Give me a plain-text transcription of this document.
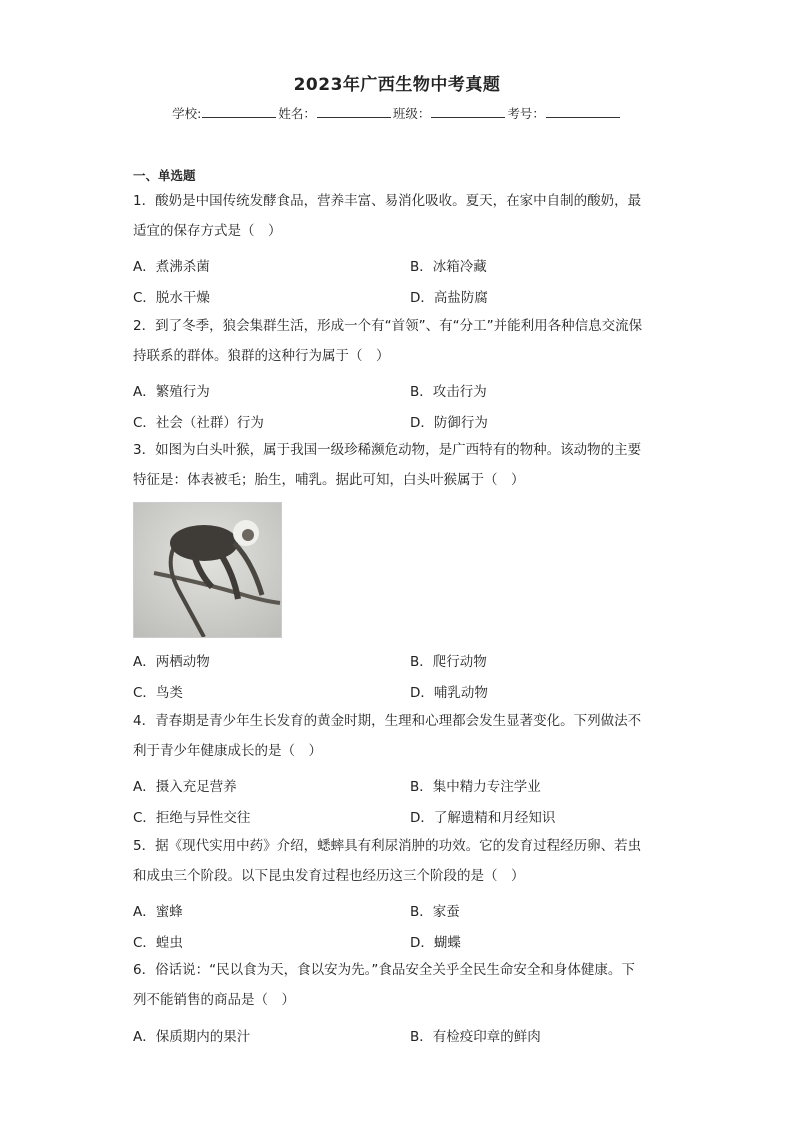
2023年广西生物中考真题
学校:	姓名：	班级：	考号：
一、单选题
1．酸奶是中国传统发酵食品，营养丰富、易消化吸收。夏天，在家中自制的酸奶，最
适宜的保存方式是（　）
A．煮沸杀菌	B．冰箱冷藏
C．脱水干燥	D．高盐防腐
2．到了冬季，狼会集群生活，形成一个有“首领”、有“分工”并能利用各种信息交流保
持联系的群体。狼群的这种行为属于（　）
A．繁殖行为	B．攻击行为
C．社会（社群）行为	D．防御行为
3．如图为白头叶猴，属于我国一级珍稀濒危动物，是广西特有的物种。该动物的主要
特征是：体表被毛；胎生，哺乳。据此可知，白头叶猴属于（　）
A．两栖动物	B．爬行动物
C．鸟类	D．哺乳动物
4．青春期是青少年生长发育的黄金时期，生理和心理都会发生显著变化。下列做法不
利于青少年健康成长的是（　）
A．摄入充足营养	B．集中精力专注学业
C．拒绝与异性交往	D．了解遗精和月经知识
5．据《现代实用中药》介绍，蟋蟀具有利尿消肿的功效。它的发育过程经历卵、若虫
和成虫三个阶段。以下昆虫发育过程也经历这三个阶段的是（　）
A．蜜蜂	B．家蚕
C．蝗虫	D．蝴蝶
6．俗话说：“民以食为天，食以安为先。”食品安全关乎全民生命安全和身体健康。下
列不能销售的商品是（　）
A．保质期内的果汁	B．有检疫印章的鲜肉
